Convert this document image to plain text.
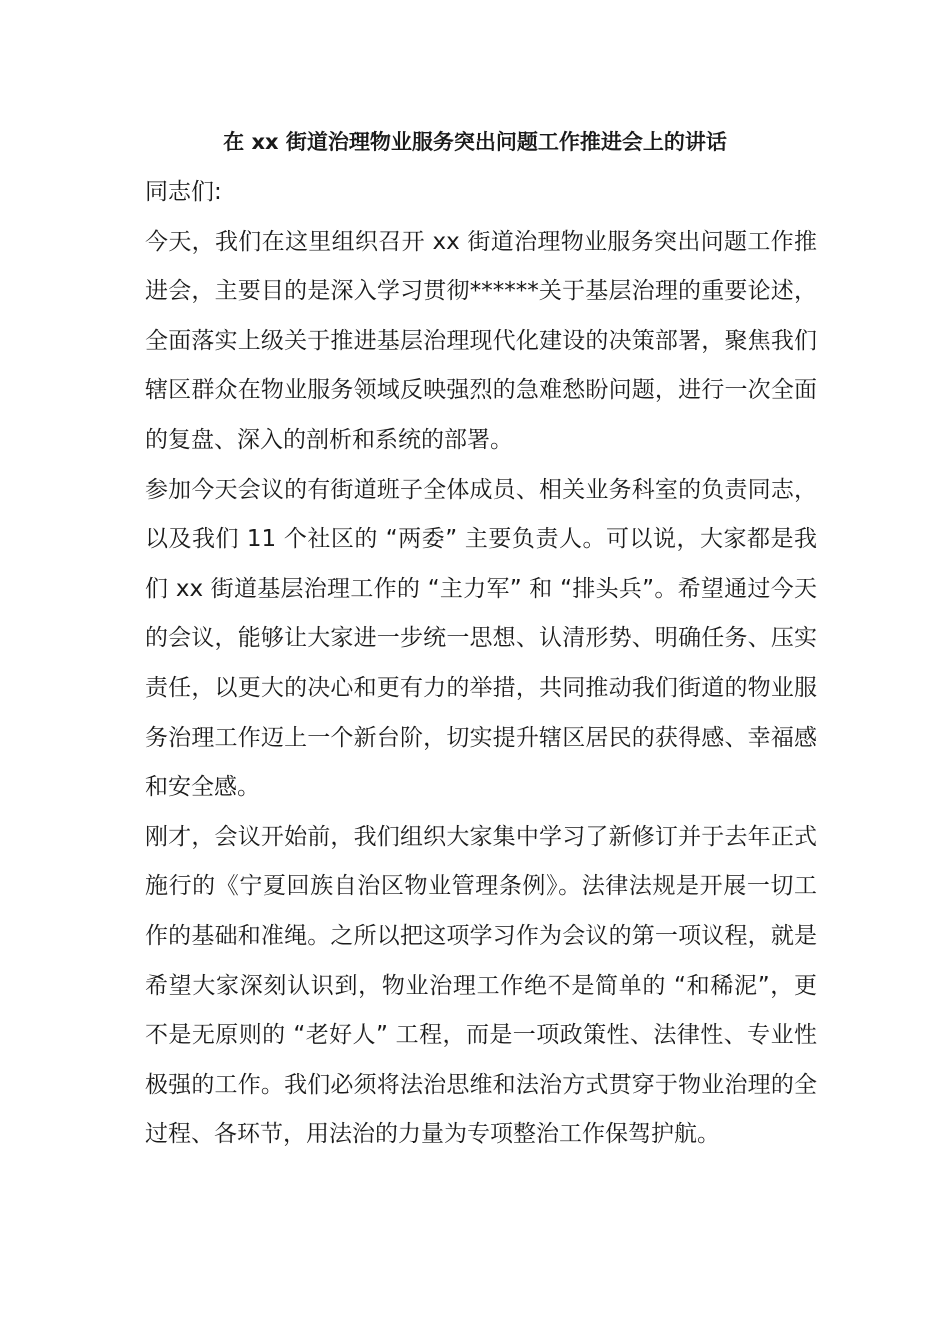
在 xx 街道治理物业服务突出问题工作推进会上的讲话

同志们:

今天，我们在这里组织召开 xx 街道治理物业服务突出问题工作推进会，主要目的是深入学习贯彻******关于基层治理的重要论述，全面落实上级关于推进基层治理现代化建设的决策部署，聚焦我们辖区群众在物业服务领域反映强烈的急难愁盼问题，进行一次全面的复盘、深入的剖析和系统的部署。

参加今天会议的有街道班子全体成员、相关业务科室的负责同志，以及我们 11 个社区的 “两委” 主要负责人。可以说，大家都是我们 xx 街道基层治理工作的 “主力军” 和 “排头兵”。希望通过今天的会议，能够让大家进一步统一思想、认清形势、明确任务、压实责任，以更大的决心和更有力的举措，共同推动我们街道的物业服务治理工作迈上一个新台阶，切实提升辖区居民的获得感、幸福感和安全感。

刚才，会议开始前，我们组织大家集中学习了新修订并于去年正式施行的《宁夏回族自治区物业管理条例》。法律法规是开展一切工作的基础和准绳。之所以把这项学习作为会议的第一项议程，就是希望大家深刻认识到，物业治理工作绝不是简单的 “和稀泥”，更不是无原则的 “老好人” 工程，而是一项政策性、法律性、专业性极强的工作。我们必须将法治思维和法治方式贯穿于物业治理的全过程、各环节，用法治的力量为专项整治工作保驾护航。
